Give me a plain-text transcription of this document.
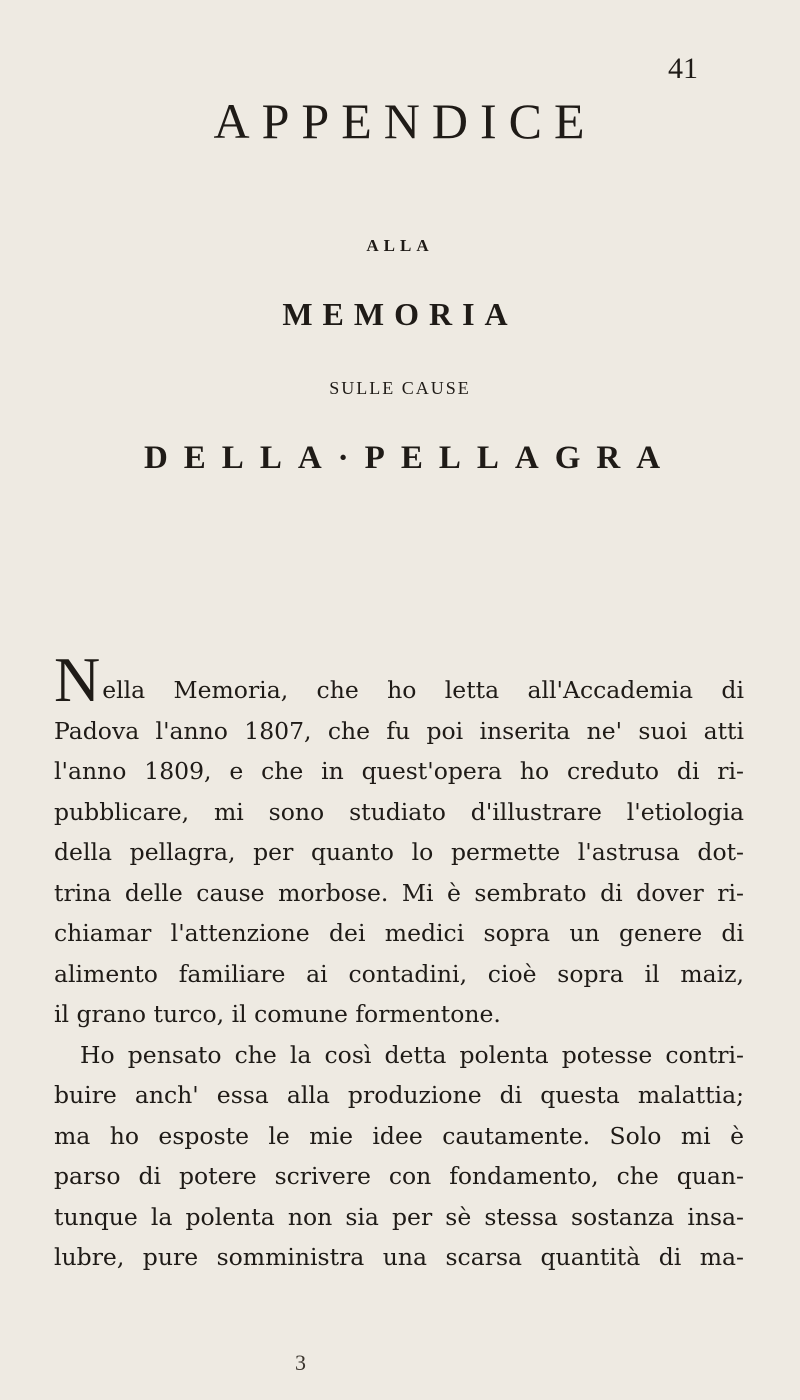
41
APPENDICE
ALLA
MEMORIA
SULLE CAUSE
DELLA·PELLAGRA
Nella Memoria, che ho letta all'Accademia di
Padova l'anno 1807, che fu poi inserita ne' suoi atti
l'anno 1809, e che in quest'opera ho creduto di ri-
pubblicare, mi sono studiato d'illustrare l'etiologia
della pellagra, per quanto lo permette l'astrusa dot-
trina delle cause morbose. Mi è sembrato di dover ri-
chiamar l'attenzione dei medici sopra un genere di
alimento familiare ai contadini, cioè sopra il maiz,
il grano turco, il comune formentone.
Ho pensato che la così detta polenta potesse contri-
buire anch' essa alla produzione di questa malattia;
ma ho esposte le mie idee cautamente. Solo mi è
parso di potere scrivere con fondamento, che quan-
tunque la polenta non sia per sè stessa sostanza insa-
lubre, pure somministra una scarsa quantità di ma-
3
